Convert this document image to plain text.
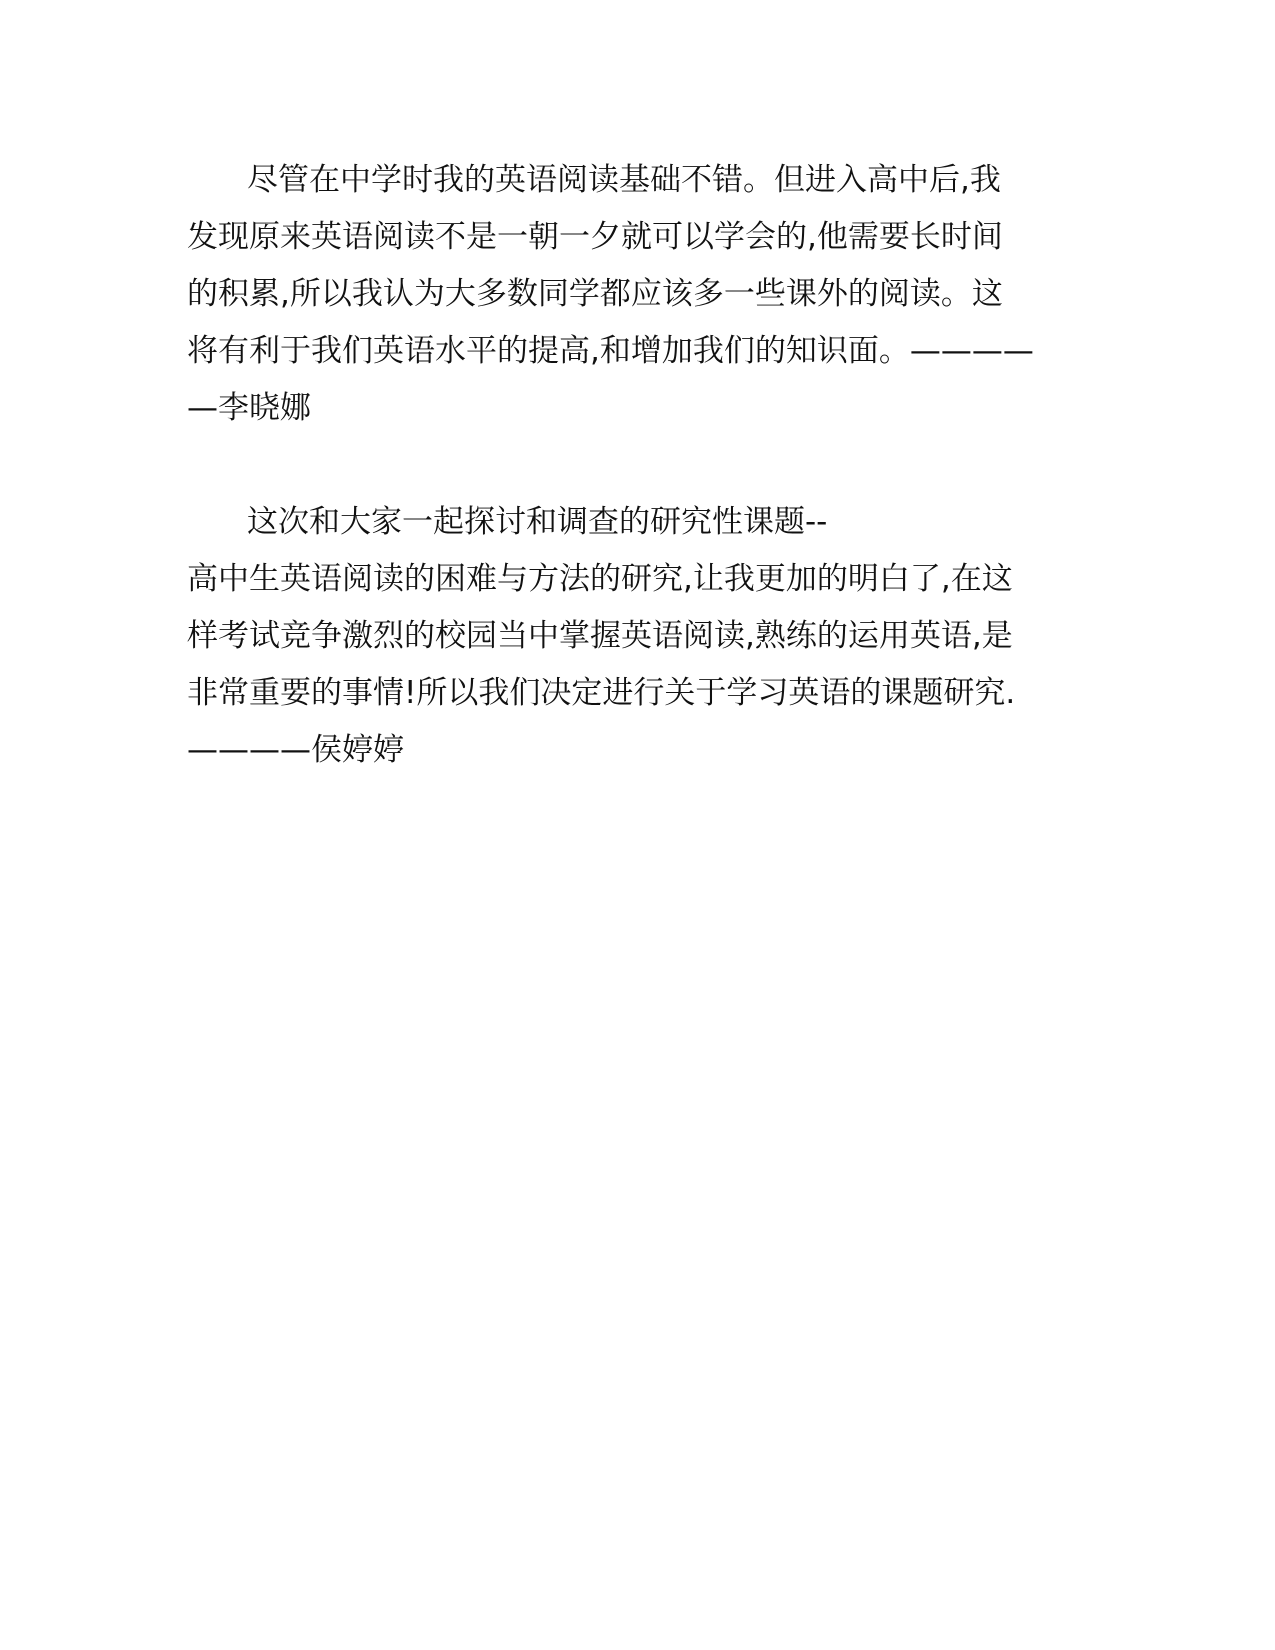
尽管在中学时我的英语阅读基础不错。但进入高中后,我
发现原来英语阅读不是一朝一夕就可以学会的,他需要长时间
的积累,所以我认为大多数同学都应该多一些课外的阅读。这
将有利于我们英语水平的提高,和增加我们的知识面。————
—李晓娜
这次和大家一起探讨和调查的研究性课题--
高中生英语阅读的困难与方法的研究,让我更加的明白了,在这
样考试竞争激烈的校园当中掌握英语阅读,熟练的运用英语,是
非常重要的事情!所以我们决定进行关于学习英语的课题研究.
————侯婷婷
